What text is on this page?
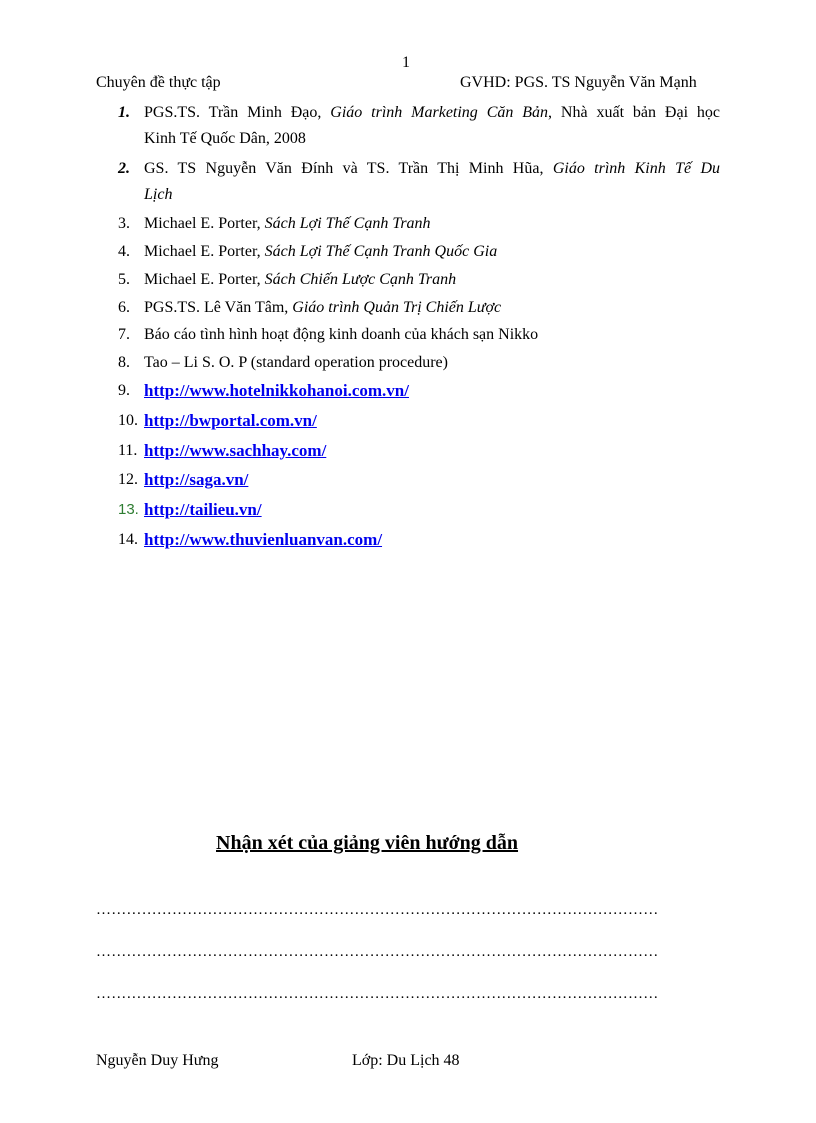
1
Chuyên đề thực tập	GVHD: PGS. TS Nguyễn Văn Mạnh
1. PGS.TS. Trần Minh Đạo, Giáo trình Marketing Căn Bản, Nhà xuất bản Đại học
Kinh Tế Quốc Dân, 2008
2. GS. TS Nguyễn Văn Đính và TS. Trần Thị Minh Hũa, Giáo trình Kinh Tế Du
Lịch
3. Michael E. Porter, Sách Lợi Thế Cạnh Tranh
4. Michael E. Porter, Sách Lợi Thế Cạnh Tranh Quốc Gia
5. Michael E. Porter, Sách Chiến Lược Cạnh Tranh
6. PGS.TS. Lê Văn Tâm, Giáo trình Quản Trị Chiến Lược
7. Báo cáo tình hình hoạt động kinh doanh của khách sạn Nikko
8. Tao – Li S. O. P (standard operation procedure)
9. http://www.hotelnikkohanoi.com.vn/
10. http://bwportal.com.vn/
11. http://www.sachhay.com/
12. http://saga.vn/
13. http://tailieu.vn/
14. http://www.thuvienluanvan.com/
Nhận xét của giảng viên hướng dẫn
…………………………………………………………………………………………………
…………………………………………………………………………………………………
…………………………………………………………………………………………………
Nguyễn Duy Hưng	Lớp: Du Lịch 48
